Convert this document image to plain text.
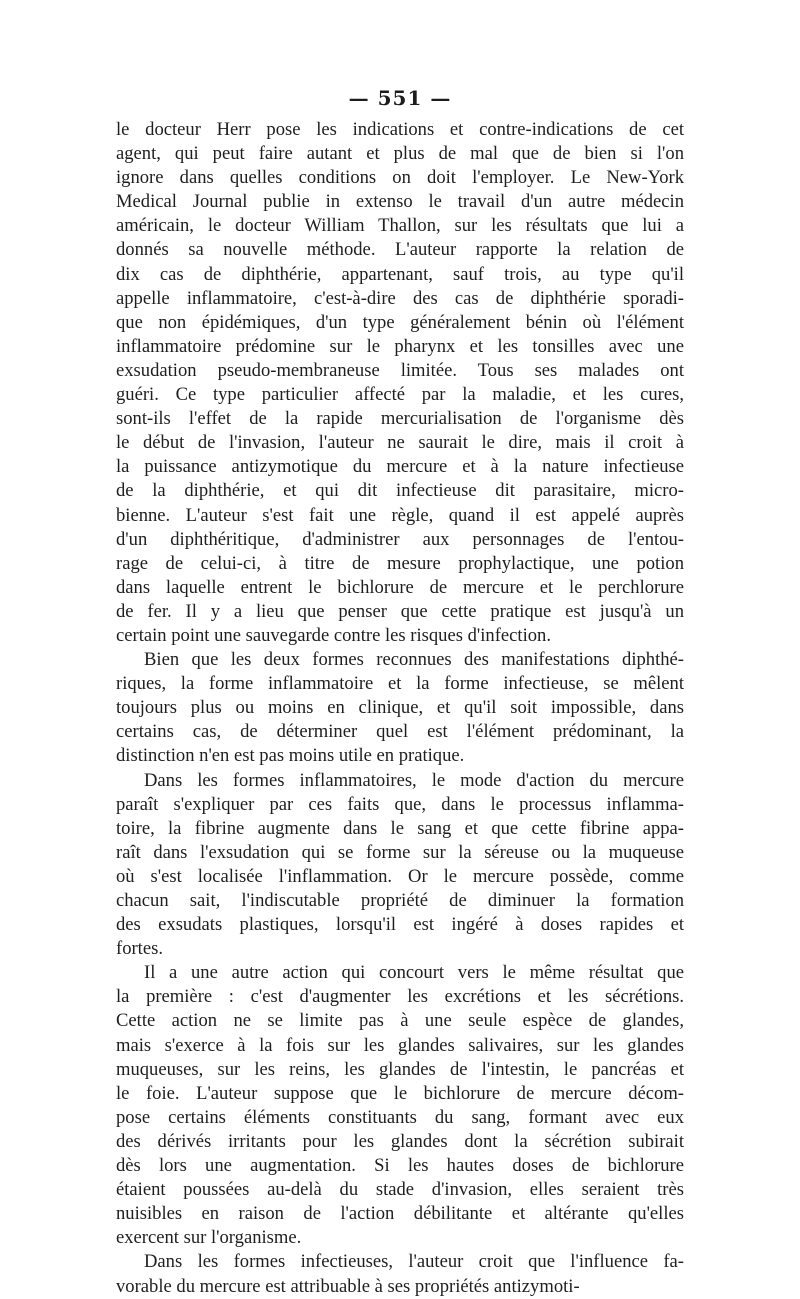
— 551 —
le docteur Herr pose les indications et contre-indications de cet
agent, qui peut faire autant et plus de mal que de bien si l'on
ignore dans quelles conditions on doit l'employer. Le New-York
Medical Journal publie in extenso le travail d'un autre médecin
américain, le docteur William Thallon, sur les résultats que lui a
donnés sa nouvelle méthode. L'auteur rapporte la relation de
dix cas de diphthérie, appartenant, sauf trois, au type qu'il
appelle inflammatoire, c'est-à-dire des cas de diphthérie sporadi-
que non épidémiques, d'un type généralement bénin où l'élément
inflammatoire prédomine sur le pharynx et les tonsilles avec une
exsudation pseudo-membraneuse limitée. Tous ses malades ont
guéri. Ce type particulier affecté par la maladie, et les cures,
sont-ils l'effet de la rapide mercurialisation de l'organisme dès
le début de l'invasion, l'auteur ne saurait le dire, mais il croit à
la puissance antizymotique du mercure et à la nature infectieuse
de la diphthérie, et qui dit infectieuse dit parasitaire, micro-
bienne. L'auteur s'est fait une règle, quand il est appelé auprès
d'un diphthéritique, d'administrer aux personnages de l'entou-
rage de celui-ci, à titre de mesure prophylactique, une potion
dans laquelle entrent le bichlorure de mercure et le perchlorure
de fer. Il y a lieu que penser que cette pratique est jusqu'à un
certain point une sauvegarde contre les risques d'infection.
Bien que les deux formes reconnues des manifestations diphthé-
riques, la forme inflammatoire et la forme infectieuse, se mêlent
toujours plus ou moins en clinique, et qu'il soit impossible, dans
certains cas, de déterminer quel est l'élément prédominant, la
distinction n'en est pas moins utile en pratique.
Dans les formes inflammatoires, le mode d'action du mercure
paraît s'expliquer par ces faits que, dans le processus inflamma-
toire, la fibrine augmente dans le sang et que cette fibrine appa-
raît dans l'exsudation qui se forme sur la séreuse ou la muqueuse
où s'est localisée l'inflammation. Or le mercure possède, comme
chacun sait, l'indiscutable propriété de diminuer la formation
des exsudats plastiques, lorsqu'il est ingéré à doses rapides et
fortes.
Il a une autre action qui concourt vers le même résultat que
la première : c'est d'augmenter les excrétions et les sécrétions.
Cette action ne se limite pas à une seule espèce de glandes,
mais s'exerce à la fois sur les glandes salivaires, sur les glandes
muqueuses, sur les reins, les glandes de l'intestin, le pancréas et
le foie. L'auteur suppose que le bichlorure de mercure décom-
pose certains éléments constituants du sang, formant avec eux
des dérivés irritants pour les glandes dont la sécrétion subirait
dès lors une augmentation. Si les hautes doses de bichlorure
étaient poussées au-delà du stade d'invasion, elles seraient très
nuisibles en raison de l'action débilitante et altérante qu'elles
exercent sur l'organisme.
Dans les formes infectieuses, l'auteur croit que l'influence fa-
vorable du mercure est attribuable à ses propriétés antizymoti-
